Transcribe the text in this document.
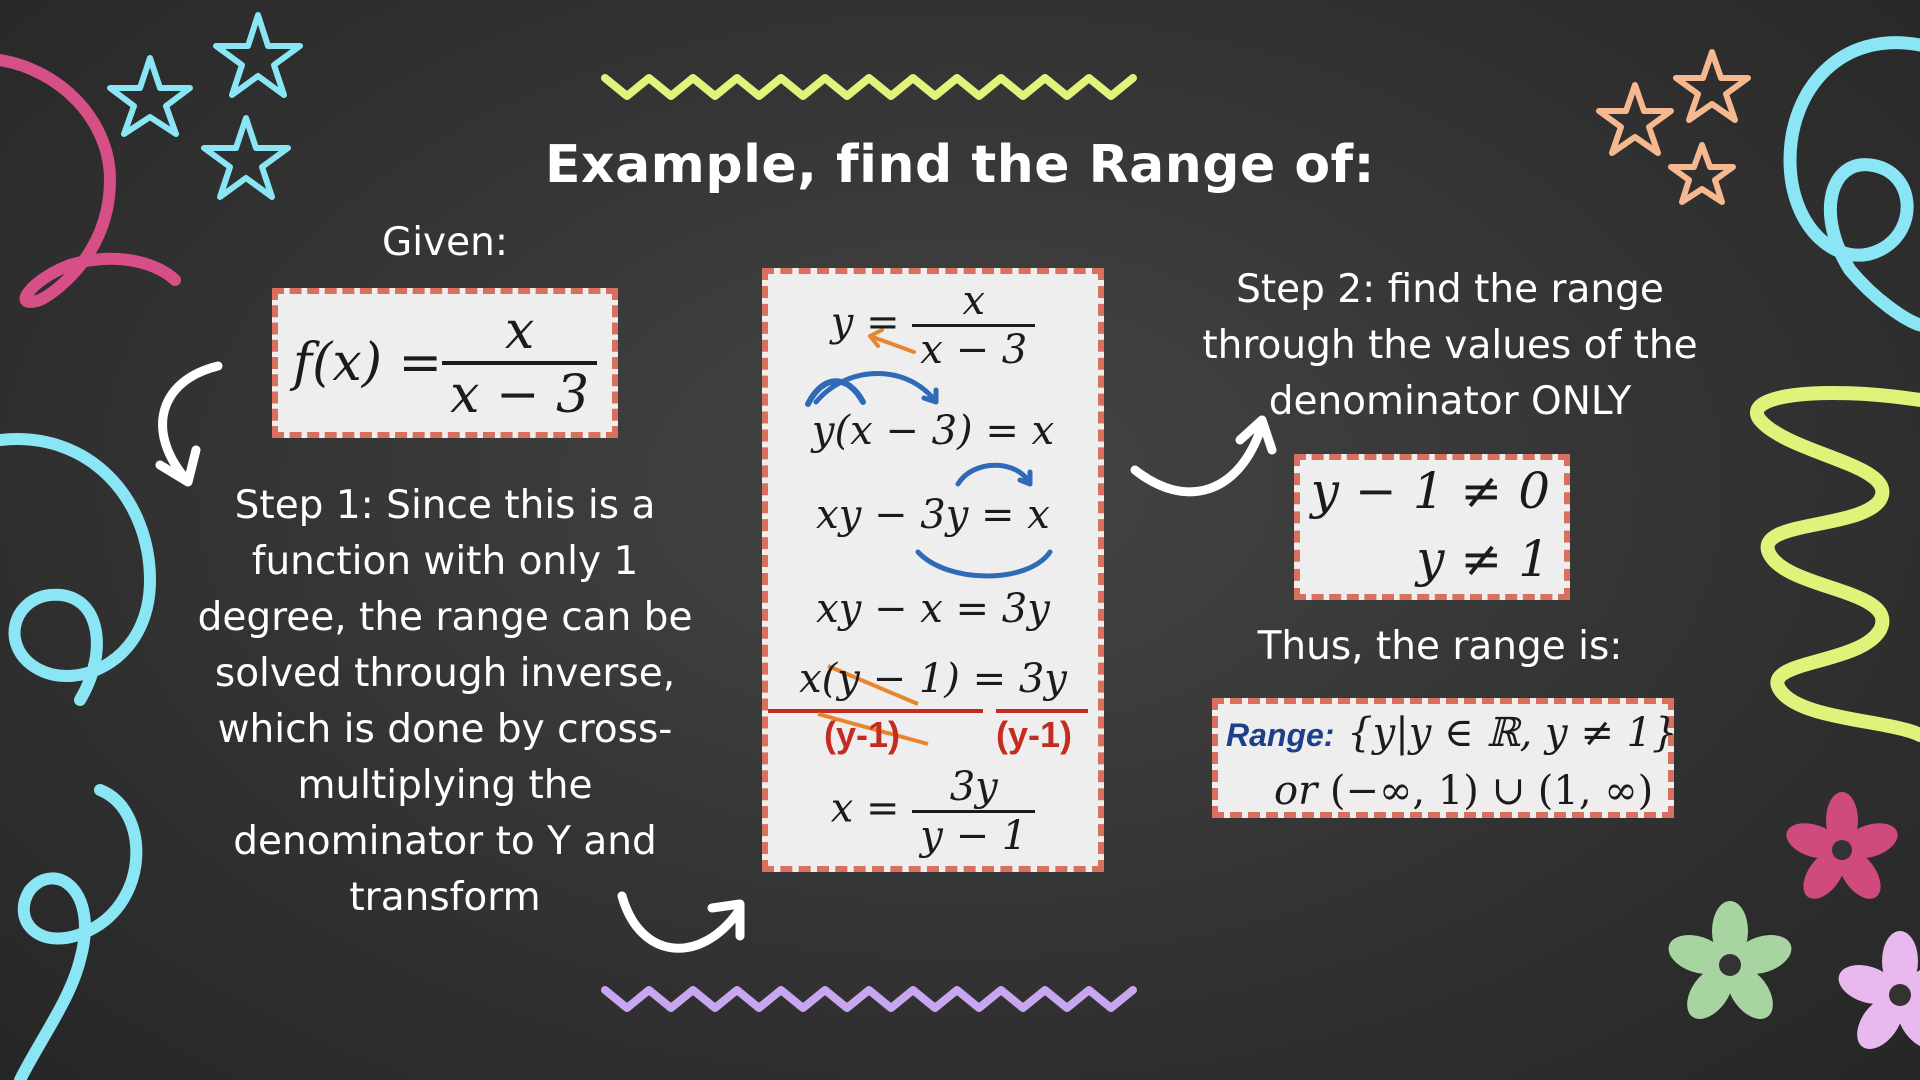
Example, find the Range of:
Given:
$f(x) = \frac{x}{x - 3}$
Step 1: Since this is a function with only 1 degree, the range can be solved through inverse, which is done by cross-multiplying the denominator to Y and transform
$y = \frac{x}{x - 3}$
y(x − 3) = x
xy − 3y = x
xy − x = 3y
x(y − 1) = 3y
(y-1)	(y-1)
$x = \frac{3y}{y - 1}$
Step 2: find the range through the values of the denominator ONLY
y − 1 ≠ 0
y ≠ 1
Thus, the range is:
Range: {y|y ∈ ℝ, y ≠ 1}
or (−∞, 1) ∪ (1, ∞)
